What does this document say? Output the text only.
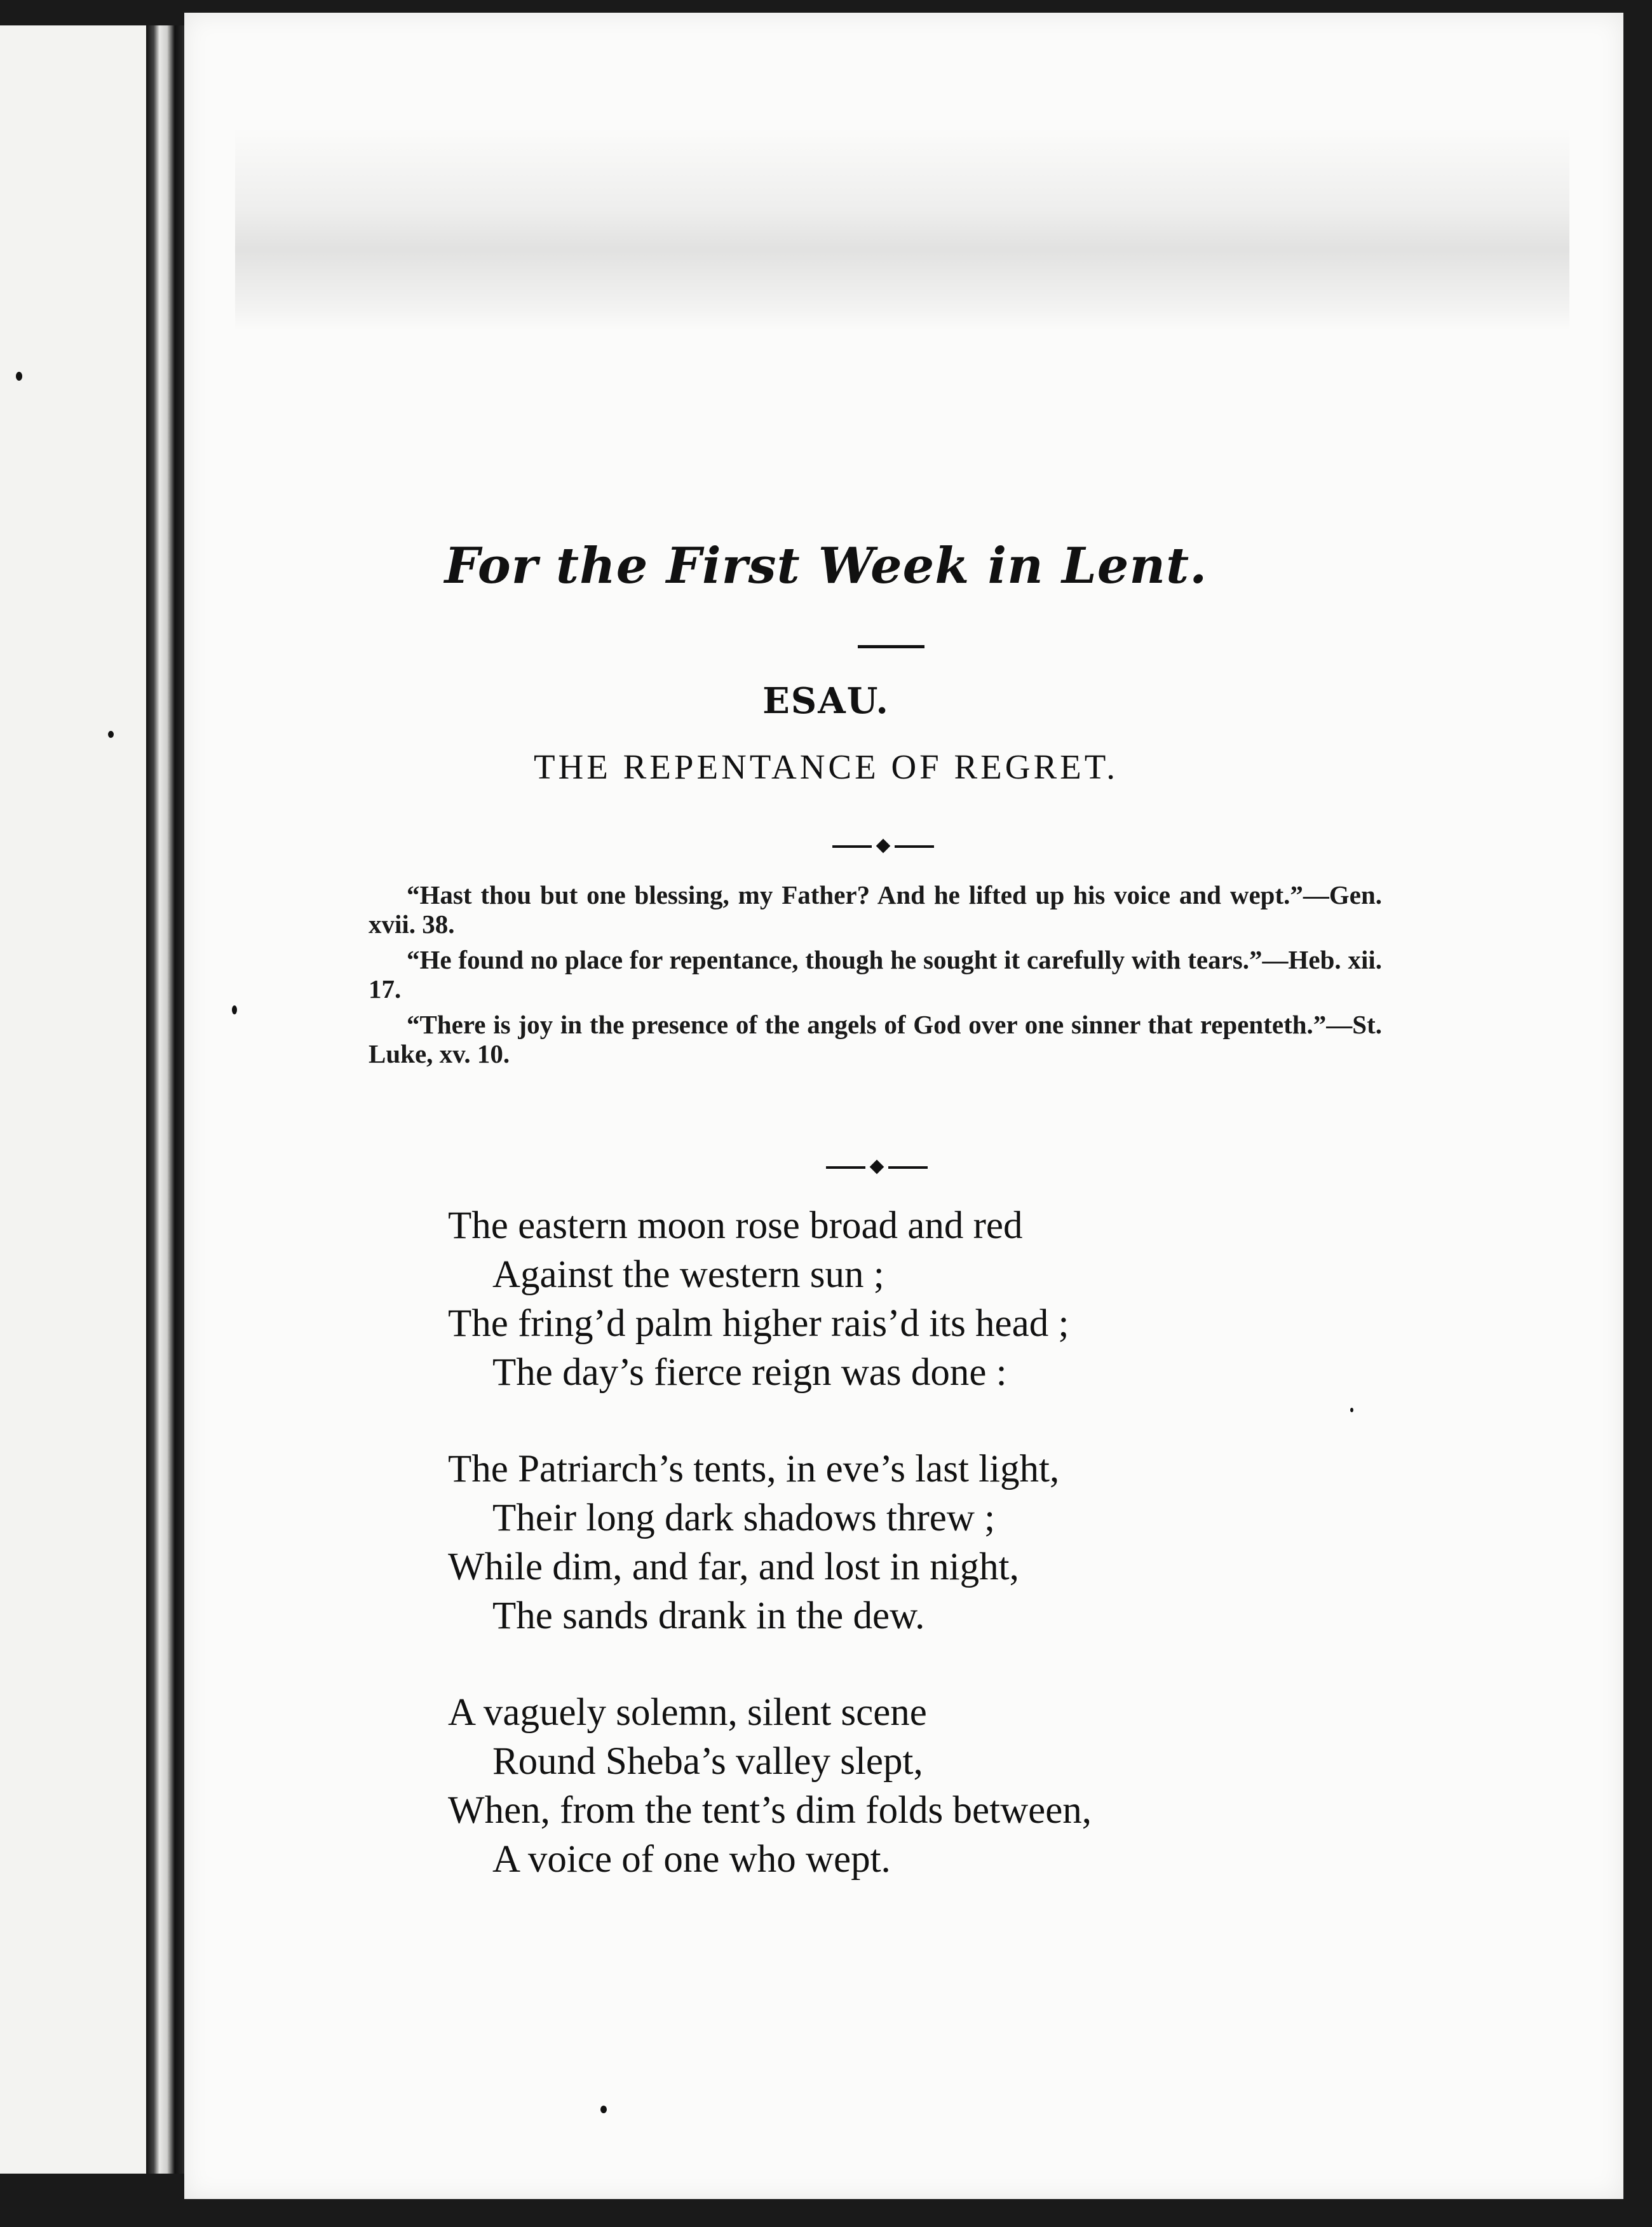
For the First Week in Lent.
ESAU.
THE REPENTANCE OF REGRET.

“Hast thou but one blessing, my Father? And he lifted up his voice and wept.”—Gen. xvii. 38.

“He found no place for repentance, though he sought it carefully with tears.”—Heb. xii. 17.

“There is joy in the presence of the angels of God over one sinner that repenteth.”—St. Luke, xv. 10.

The eastern moon rose broad and red
Against the western sun ;
The fring’d palm higher rais’d its head ;
The day’s fierce reign was done :
The Patriarch’s tents, in eve’s last light,
Their long dark shadows threw ;
While dim, and far, and lost in night,
The sands drank in the dew.
A vaguely solemn, silent scene
Round Sheba’s valley slept,
When, from the tent’s dim folds between,
A voice of one who wept.
